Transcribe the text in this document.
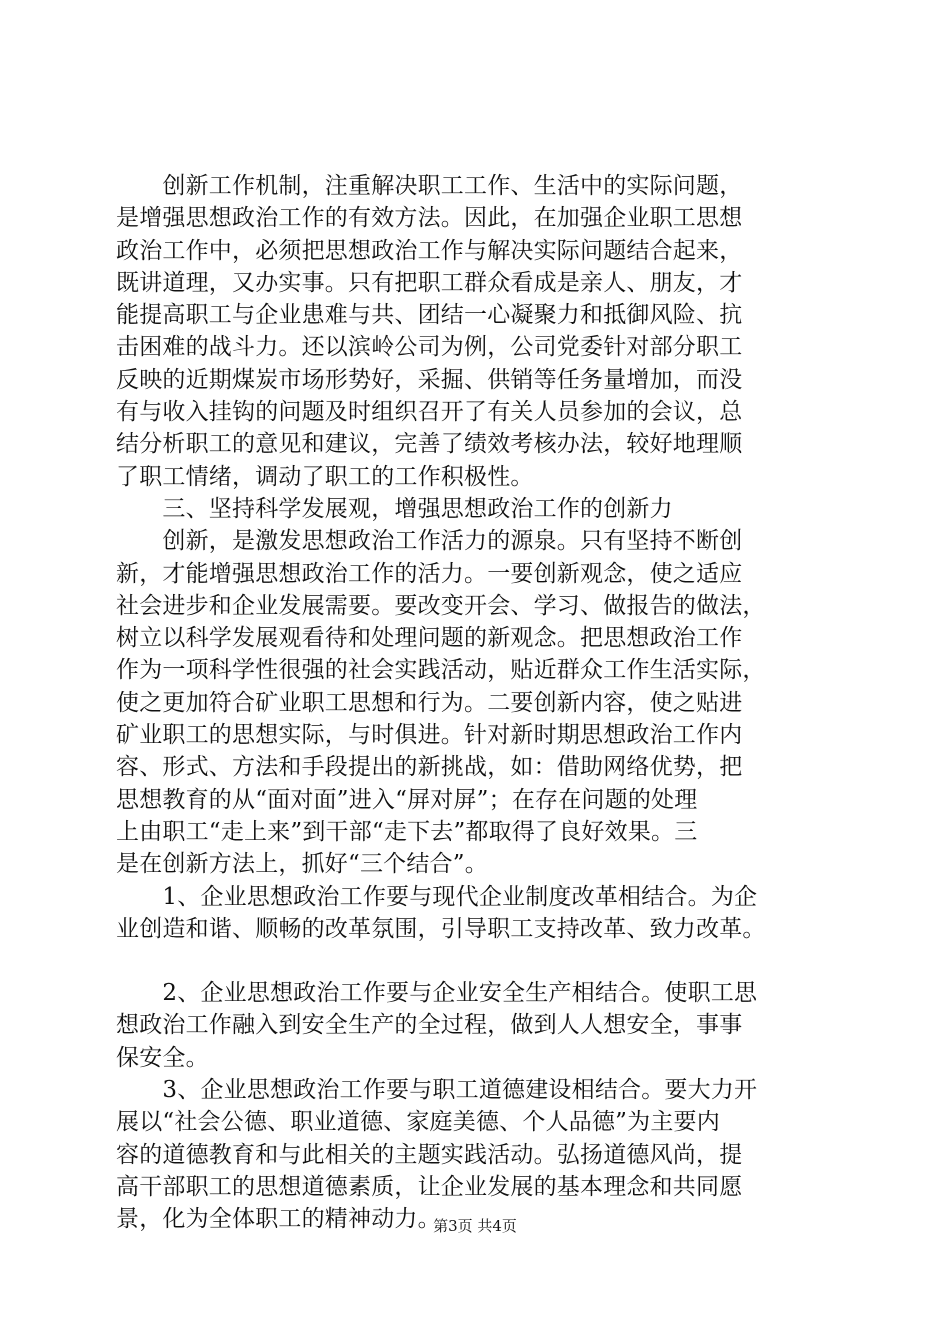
　　创新工作机制，注重解决职工工作、生活中的实际问题，
是增强思想政治工作的有效方法。因此，在加强企业职工思想
政治工作中，必须把思想政治工作与解决实际问题结合起来，
既讲道理，又办实事。只有把职工群众看成是亲人、朋友，才
能提高职工与企业患难与共、团结一心凝聚力和抵御风险、抗
击困难的战斗力。还以滨岭公司为例，公司党委针对部分职工
反映的近期煤炭市场形势好，采掘、供销等任务量增加，而没
有与收入挂钩的问题及时组织召开了有关人员参加的会议，总
结分析职工的意见和建议，完善了绩效考核办法，较好地理顺
了职工情绪，调动了职工的工作积极性。
　　三、坚持科学发展观，增强思想政治工作的创新力
　　创新，是激发思想政治工作活力的源泉。只有坚持不断创
新，才能增强思想政治工作的活力。一要创新观念，使之适应
社会进步和企业发展需要。要改变开会、学习、做报告的做法，
树立以科学发展观看待和处理问题的新观念。把思想政治工作
作为一项科学性很强的社会实践活动，贴近群众工作生活实际，
使之更加符合矿业职工思想和行为。二要创新内容，使之贴进
矿业职工的思想实际，与时俱进。针对新时期思想政治工作内
容、形式、方法和手段提出的新挑战，如：借助网络优势，把
思想教育的从“面对面”进入“屏对屏”；在存在问题的处理
上由职工“走上来”到干部“走下去”都取得了良好效果。三
是在创新方法上，抓好“三个结合”。
　　1、企业思想政治工作要与现代企业制度改革相结合。为企
业创造和谐、顺畅的改革氛围，引导职工支持改革、致力改革。
　　2、企业思想政治工作要与企业安全生产相结合。使职工思
想政治工作融入到安全生产的全过程，做到人人想安全，事事
保安全。
　　3、企业思想政治工作要与职工道德建设相结合。要大力开
展以“社会公德、职业道德、家庭美德、个人品德”为主要内
容的道德教育和与此相关的主题实践活动。弘扬道德风尚，提
高干部职工的思想道德素质，让企业发展的基本理念和共同愿
景，化为全体职工的精神动力。
第3页 共4页
